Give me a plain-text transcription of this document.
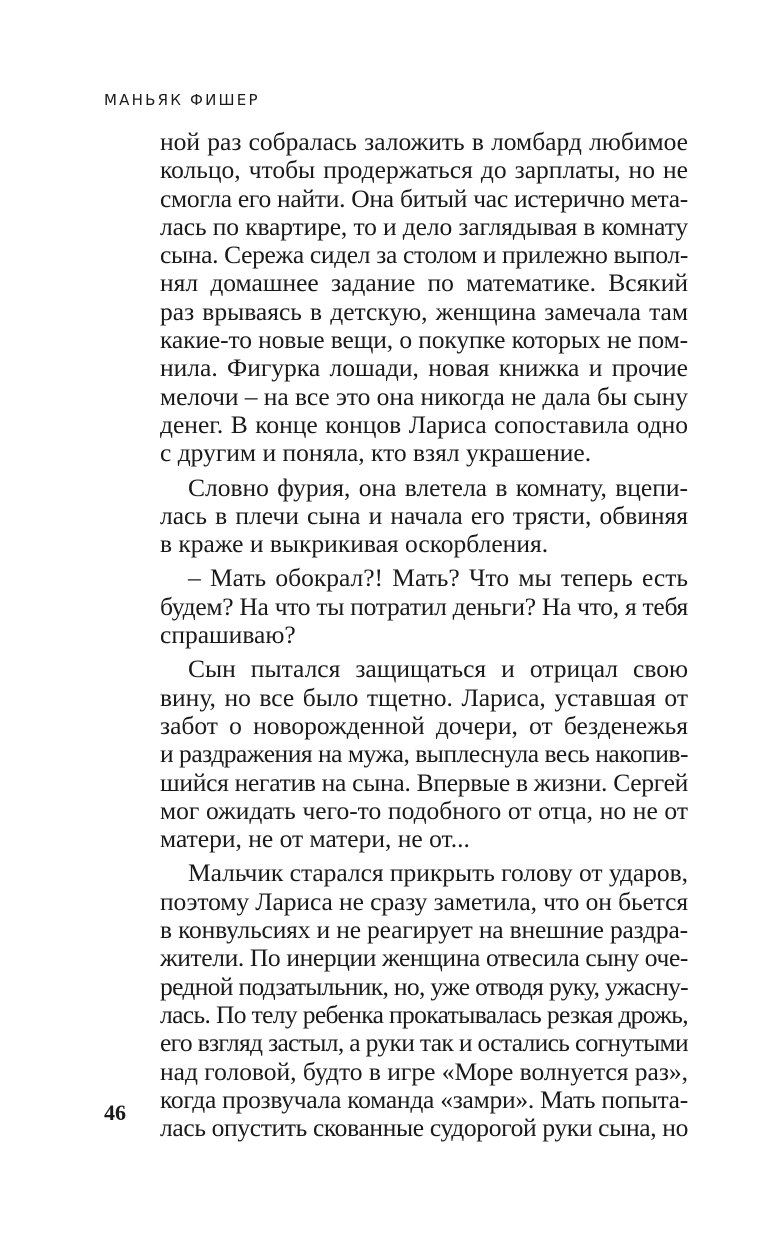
МАНЬЯК ФИШЕР
ной раз собралась заложить в ломбард любимое
кольцо, чтобы продержаться до зарплаты, но не
смогла его найти. Она битый час истерично мета-
лась по квартире, то и дело заглядывая в комнату
сына. Сережа сидел за столом и прилежно выпол-
нял домашнее задание по математике. Всякий
раз врываясь в детскую, женщина замечала там
какие-то новые вещи, о покупке которых не пом-
нила. Фигурка лошади, новая книжка и прочие
мелочи – на все это она никогда не дала бы сыну
денег. В конце концов Лариса сопоставила одно
с другим и поняла, кто взял украшение.
Словно фурия, она влетела в комнату, вцепи-
лась в плечи сына и начала его трясти, обвиняя
в краже и выкрикивая оскорбления.
– Мать обокрал?! Мать? Что мы теперь есть
будем? На что ты потратил деньги? На что, я тебя
спрашиваю?
Сын пытался защищаться и отрицал свою
вину, но все было тщетно. Лариса, уставшая от
забот о новорожденной дочери, от безденежья
и раздражения на мужа, выплеснула весь накопив-
шийся негатив на сына. Впервые в жизни. Сергей
мог ожидать чего-то подобного от отца, но не от
матери, не от матери, не от...
Мальчик старался прикрыть голову от ударов,
поэтому Лариса не сразу заметила, что он бьется
в конвульсиях и не реагирует на внешние раздра-
жители. По инерции женщина отвесила сыну оче-
редной подзатыльник, но, уже отводя руку, ужасну-
лась. По телу ребенка прокатывалась резкая дрожь,
его взгляд застыл, а руки так и остались согнутыми
над головой, будто в игре «Море волнуется раз»,
когда прозвучала команда «замри». Мать попыта-
лась опустить скованные судорогой руки сына, но
46
